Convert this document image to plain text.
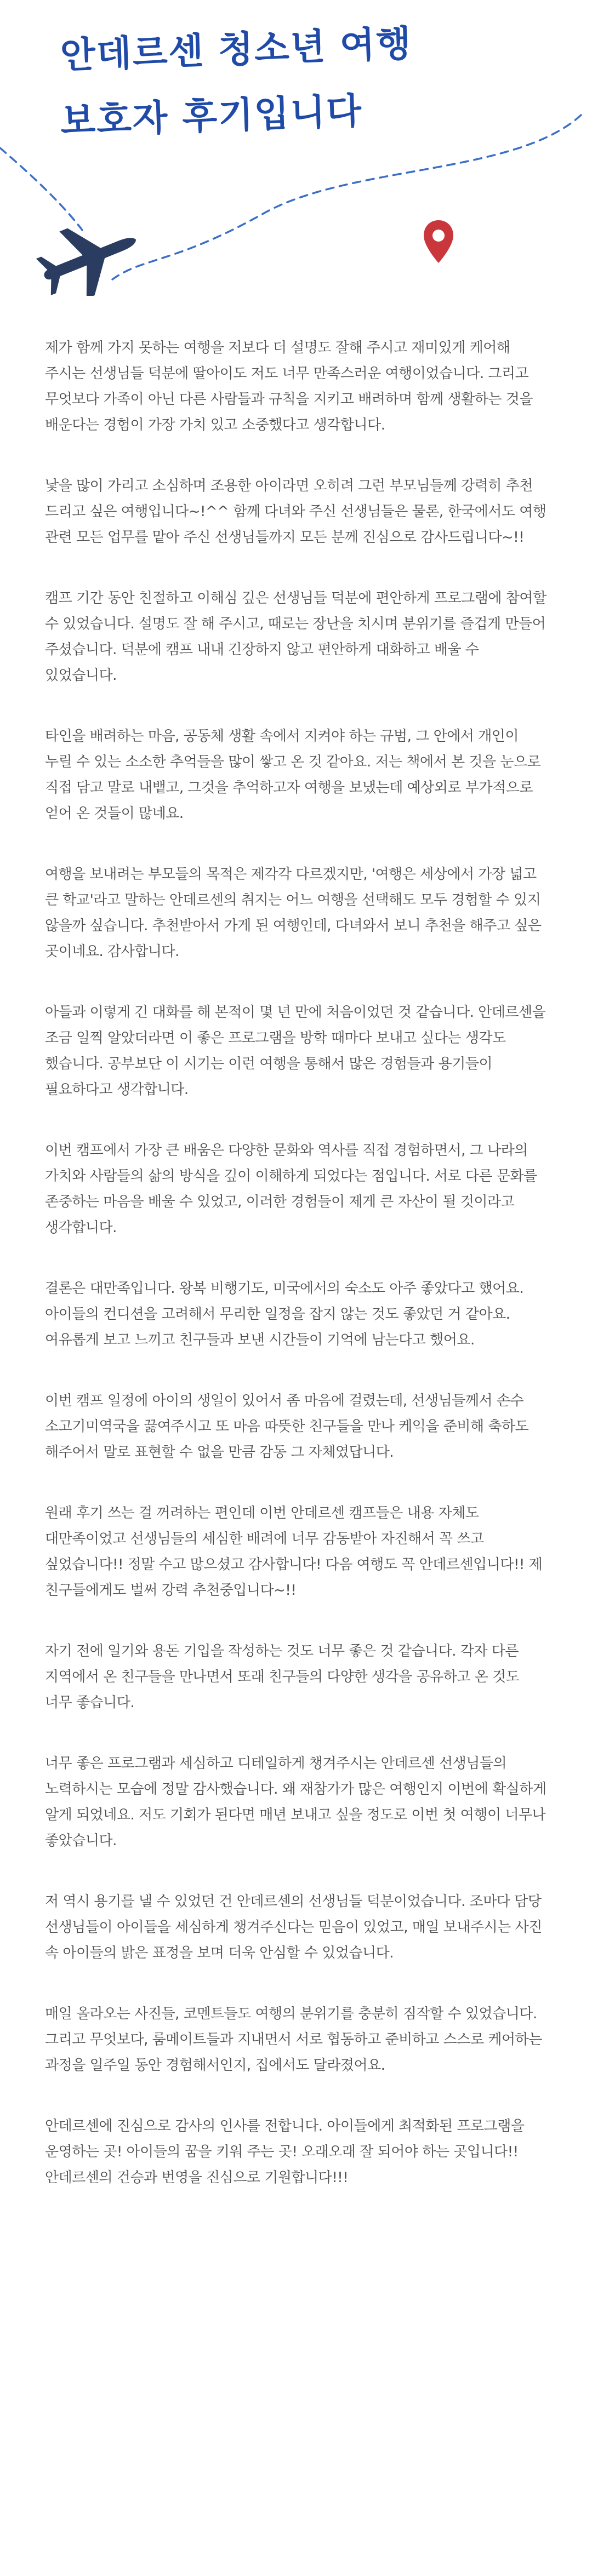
안데르센 청소년 여행
보호자 후기입니다

제가 함께 가지 못하는 여행을 저보다 더 설명도 잘해 주시고 재미있게 케어해 주시는 선생님들 덕분에 딸아이도 저도 너무 만족스러운 여행이었습니다. 그리고 무엇보다 가족이 아닌 다른 사람들과 규칙을 지키고 배려하며 함께 생활하는 것을 배운다는 경험이 가장 가치 있고 소중했다고 생각합니다.

낯을 많이 가리고 소심하며 조용한 아이라면 오히려 그런 부모님들께 강력히 추천 드리고 싶은 여행입니다~!^^ 함께 다녀와 주신 선생님들은 물론, 한국에서도 여행 관련 모든 업무를 맡아 주신 선생님들까지 모든 분께 진심으로 감사드립니다~!!

캠프 기간 동안 친절하고 이해심 깊은 선생님들 덕분에 편안하게 프로그램에 참여할 수 있었습니다. 설명도 잘 해 주시고, 때로는 장난을 치시며 분위기를 즐겁게 만들어 주셨습니다. 덕분에 캠프 내내 긴장하지 않고 편안하게 대화하고 배울 수 있었습니다.

타인을 배려하는 마음, 공동체 생활 속에서 지켜야 하는 규범, 그 안에서 개인이 누릴 수 있는 소소한 추억들을 많이 쌓고 온 것 같아요. 저는 책에서 본 것을 눈으로 직접 담고 말로 내뱉고, 그것을 추억하고자 여행을 보냈는데 예상외로 부가적으로 얻어 온 것들이 많네요.

여행을 보내려는 부모들의 목적은 제각각 다르겠지만, '여행은 세상에서 가장 넓고 큰 학교'라고 말하는 안데르센의 취지는 어느 여행을 선택해도 모두 경험할 수 있지 않을까 싶습니다. 추천받아서 가게 된 여행인데, 다녀와서 보니 추천을 해주고 싶은 곳이네요. 감사합니다.

아들과 이렇게 긴 대화를 해 본적이 몇 년 만에 처음이었던 것 같습니다. 안데르센을 조금 일찍 알았더라면 이 좋은 프로그램을 방학 때마다 보내고 싶다는 생각도 했습니다. 공부보단 이 시기는 이런 여행을 통해서 많은 경험들과 용기들이 필요하다고 생각합니다.

이번 캠프에서 가장 큰 배움은 다양한 문화와 역사를 직접 경험하면서, 그 나라의 가치와 사람들의 삶의 방식을 깊이 이해하게 되었다는 점입니다. 서로 다른 문화를 존중하는 마음을 배울 수 있었고, 이러한 경험들이 제게 큰 자산이 될 것이라고 생각합니다.

결론은 대만족입니다. 왕복 비행기도, 미국에서의 숙소도 아주 좋았다고 했어요. 아이들의 컨디션을 고려해서 무리한 일정을 잡지 않는 것도 좋았던 거 같아요. 여유롭게 보고 느끼고 친구들과 보낸 시간들이 기억에 남는다고 했어요.

이번 캠프 일정에 아이의 생일이 있어서 좀 마음에 걸렸는데, 선생님들께서 손수 소고기미역국을 끓여주시고 또 마음 따뜻한 친구들을 만나 케익을 준비해 축하도 해주어서 말로 표현할 수 없을 만큼 감동 그 자체였답니다.

원래 후기 쓰는 걸 꺼려하는 편인데 이번 안데르센 캠프들은 내용 자체도 대만족이었고 선생님들의 세심한 배려에 너무 감동받아 자진해서 꼭 쓰고 싶었습니다!! 정말 수고 많으셨고 감사합니다! 다음 여행도 꼭 안데르센입니다!! 제 친구들에게도 벌써 강력 추천중입니다~!!

자기 전에 일기와 용돈 기입을 작성하는 것도 너무 좋은 것 같습니다. 각자 다른 지역에서 온 친구들을 만나면서 또래 친구들의 다양한 생각을 공유하고 온 것도 너무 좋습니다.

너무 좋은 프로그램과 세심하고 디테일하게 챙겨주시는 안데르센 선생님들의 노력하시는 모습에 정말 감사했습니다. 왜 재참가가 많은 여행인지 이번에 확실하게 알게 되었네요. 저도 기회가 된다면 매년 보내고 싶을 정도로 이번 첫 여행이 너무나 좋았습니다.

저 역시 용기를 낼 수 있었던 건 안데르센의 선생님들 덕분이었습니다. 조마다 담당 선생님들이 아이들을 세심하게 챙겨주신다는 믿음이 있었고, 매일 보내주시는 사진 속 아이들의 밝은 표정을 보며 더욱 안심할 수 있었습니다.

매일 올라오는 사진들, 코멘트들도 여행의 분위기를 충분히 짐작할 수 있었습니다. 그리고 무엇보다, 룸메이트들과 지내면서 서로 협동하고 준비하고 스스로 케어하는 과정을 일주일 동안 경험해서인지, 집에서도 달라졌어요.

안데르센에 진심으로 감사의 인사를 전합니다. 아이들에게 최적화된 프로그램을 운영하는 곳! 아이들의 꿈을 키워 주는 곳! 오래오래 잘 되어야 하는 곳입니다!! 안데르센의 건승과 번영을 진심으로 기원합니다!!!
